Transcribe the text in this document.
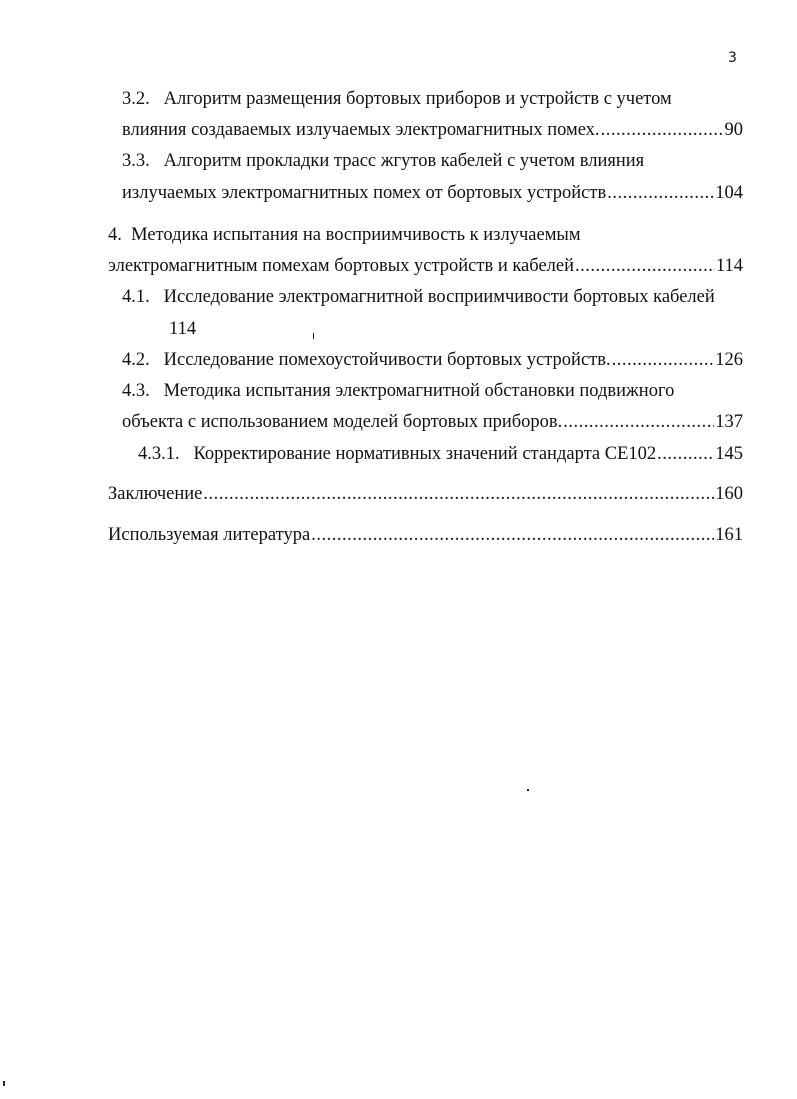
3
3.2. Алгоритм размещения бортовых приборов и устройств с учетом
влияния создаваемых излучаемых электромагнитных помех. .....	90
3.3. Алгоритм прокладки трасс жгутов кабелей с учетом влияния
излучаемых электромагнитных помех от бортовых устройств .....	104
4. Методика испытания на восприимчивость к излучаемым
электромагнитным помехам бортовых устройств и кабелей .....	114
4.1. Исследование электромагнитной восприимчивости бортовых кабелей
114
4.2.
Исследование помехоустойчивости бортовых устройств. .....	126
4.3. Методика испытания электромагнитной обстановки подвижного
объекта с использованием моделей бортовых приборов. .....	137
4.3.1.
Корректирование нормативных значений стандарта СЕ102 .....	145
Заключение .....	160
Используемая литература .....	161
